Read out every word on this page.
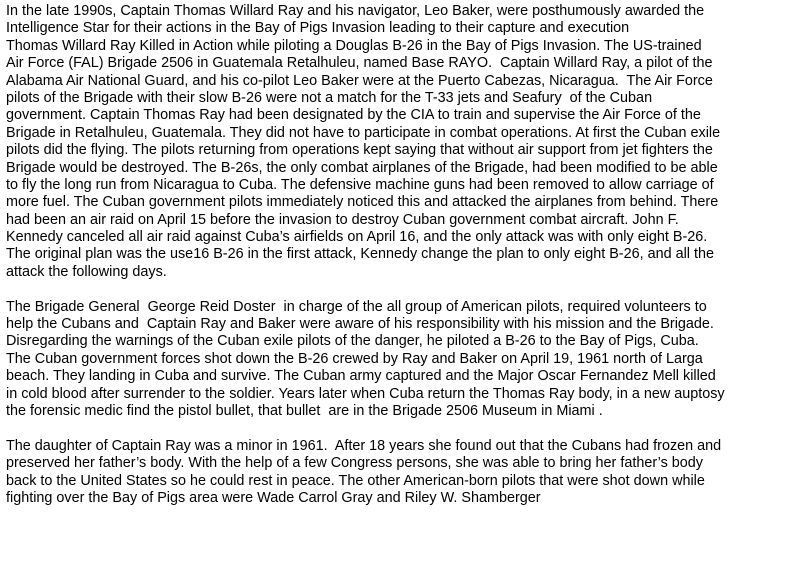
In the late 1990s, Captain Thomas Willard Ray and his navigator, Leo Baker, were posthumously awarded the
Intelligence Star for their actions in the Bay of Pigs Invasion leading to their capture and execution
Thomas Willard Ray Killed in Action while piloting a Douglas B-26 in the Bay of Pigs Invasion. The US-trained
Air Force (FAL) Brigade 2506 in Guatemala Retalhuleu, named Base RAYO.  Captain Willard Ray, a pilot of the
Alabama Air National Guard, and his co-pilot Leo Baker were at the Puerto Cabezas, Nicaragua.  The Air Force
pilots of the Brigade with their slow B-26 were not a match for the T-33 jets and Seafury  of the Cuban
government. Captain Thomas Ray had been designated by the CIA to train and supervise the Air Force of the
Brigade in Retalhuleu, Guatemala. They did not have to participate in combat operations. At first the Cuban exile
pilots did the flying. The pilots returning from operations kept saying that without air support from jet fighters the
Brigade would be destroyed. The B-26s, the only combat airplanes of the Brigade, had been modified to be able
to fly the long run from Nicaragua to Cuba. The defensive machine guns had been removed to allow carriage of
more fuel. The Cuban government pilots immediately noticed this and attacked the airplanes from behind. There
had been an air raid on April 15 before the invasion to destroy Cuban government combat aircraft. John F.
Kennedy canceled all air raid against Cuba’s airfields on April 16, and the only attack was with only eight B-26.
The original plan was the use16 B-26 in the first attack, Kennedy change the plan to only eight B-26, and all the
attack the following days.
The Brigade General  George Reid Doster  in charge of the all group of American pilots, required volunteers to
help the Cubans and  Captain Ray and Baker were aware of his responsibility with his mission and the Brigade.
Disregarding the warnings of the Cuban exile pilots of the danger, he piloted a B-26 to the Bay of Pigs, Cuba.
The Cuban government forces shot down the B-26 crewed by Ray and Baker on April 19, 1961 north of Larga
beach. They landing in Cuba and survive. The Cuban army captured and the Major Oscar Fernandez Mell killed
in cold blood after surrender to the soldier. Years later when Cuba return the Thomas Ray body, in a new auptosy
the forensic medic find the pistol bullet, that bullet  are in the Brigade 2506 Museum in Miami .
The daughter of Captain Ray was a minor in 1961.  After 18 years she found out that the Cubans had frozen and
preserved her father’s body. With the help of a few Congress persons, she was able to bring her father’s body
back to the United States so he could rest in peace. The other American-born pilots that were shot down while
fighting over the Bay of Pigs area were Wade Carrol Gray and Riley W. Shamberger
